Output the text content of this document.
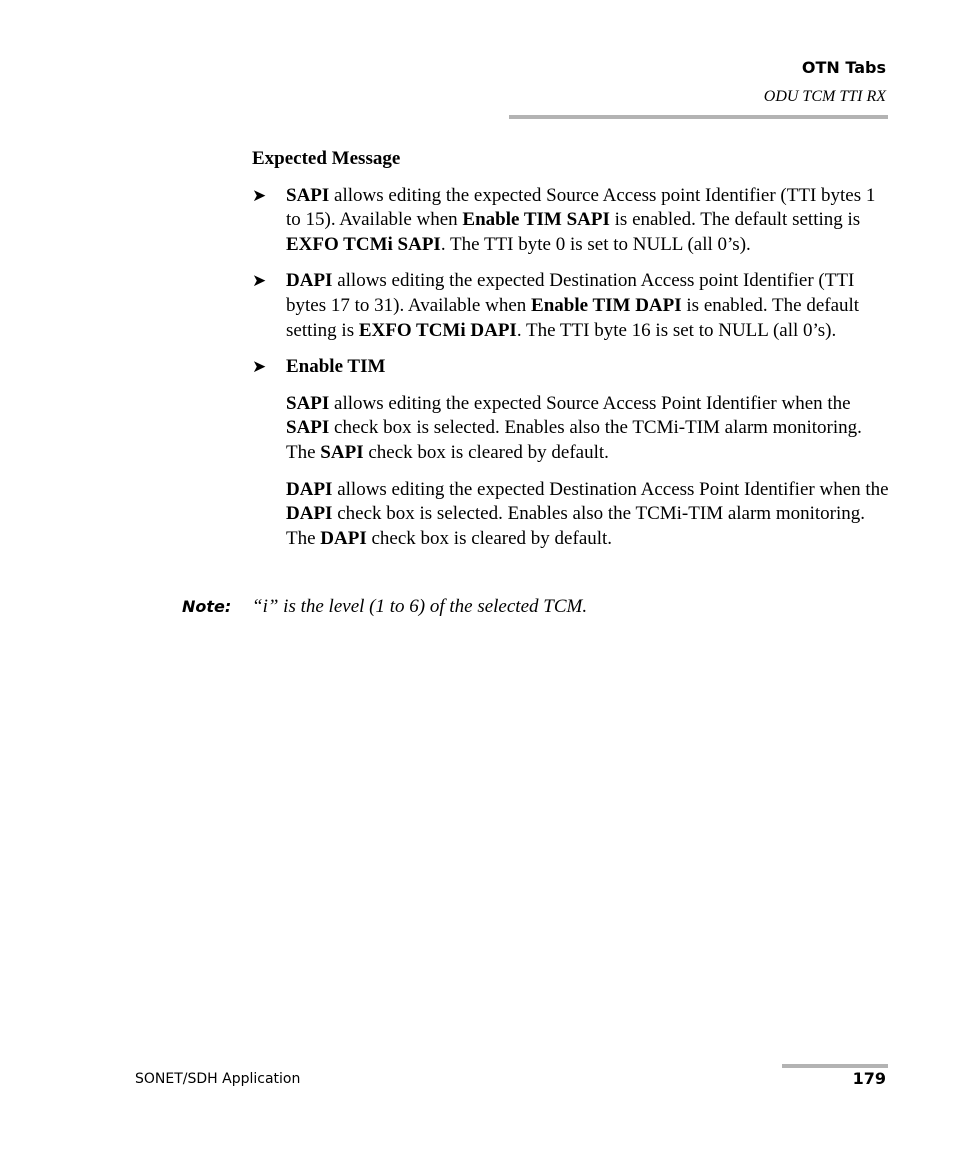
OTN Tabs
ODU TCM TTI RX
Expected Message
➤ SAPI allows editing the expected Source Access point Identifier (TTI bytes 1 to 15). Available when Enable TIM SAPI is enabled. The default setting is EXFO TCMi SAPI. The TTI byte 0 is set to NULL (all 0’s).
➤ DAPI allows editing the expected Destination Access point Identifier (TTI bytes 17 to 31). Available when Enable TIM DAPI is enabled. The default setting is EXFO TCMi DAPI. The TTI byte 16 is set to NULL (all 0’s).
➤ Enable TIM
SAPI allows editing the expected Source Access Point Identifier when the SAPI check box is selected. Enables also the TCMi-TIM alarm monitoring. The SAPI check box is cleared by default.
DAPI allows editing the expected Destination Access Point Identifier when the DAPI check box is selected. Enables also the TCMi-TIM alarm monitoring. The DAPI check box is cleared by default.
Note: “i” is the level (1 to 6) of the selected TCM.
SONET/SDH Application	179
